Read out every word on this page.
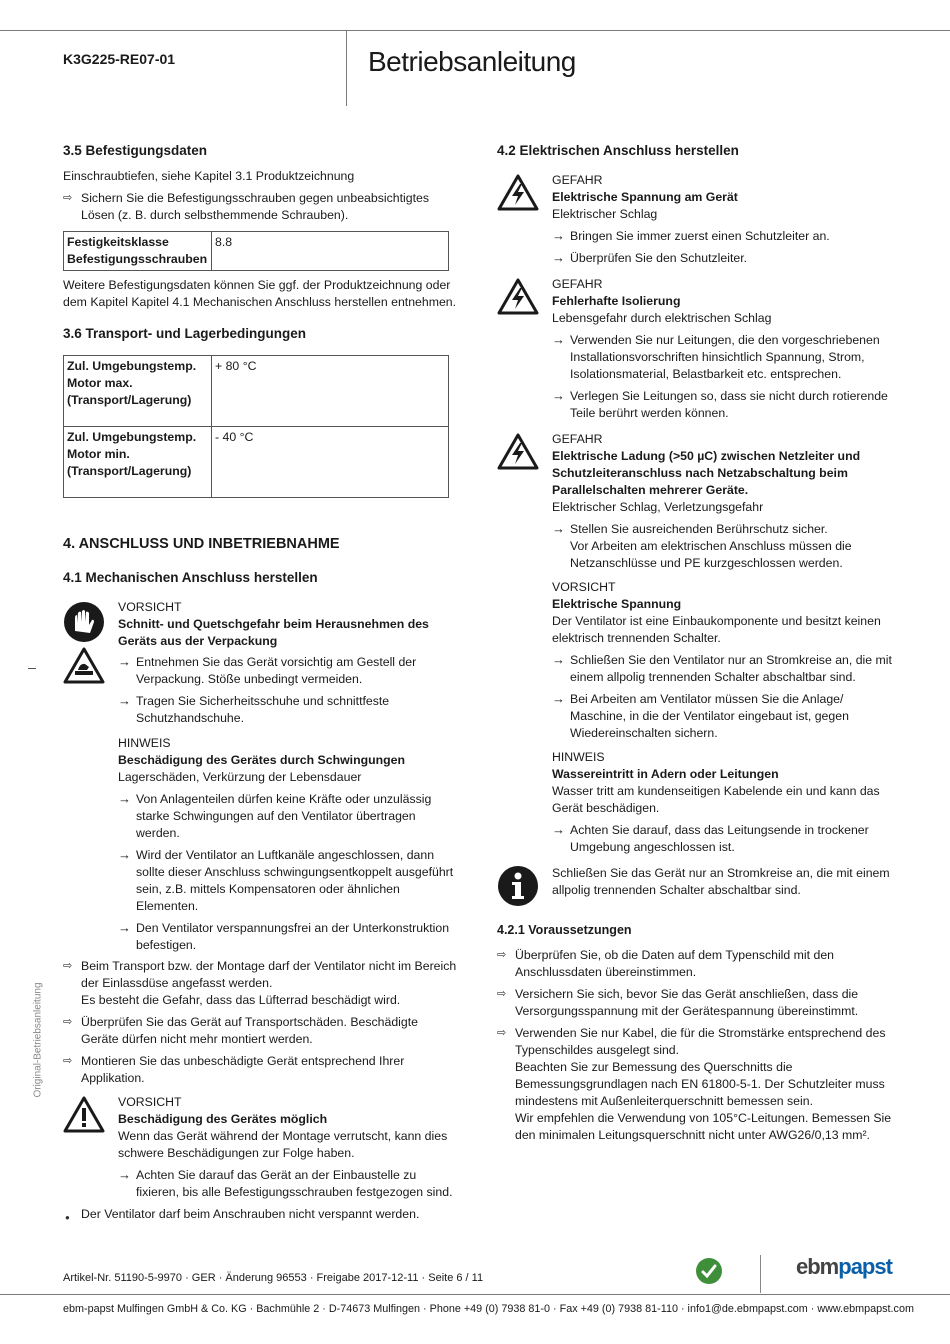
K3G225-RE07-01	Betriebsanleitung
Original-Betriebsanleitung
3.5 Befestigungsdaten

Einschraubtiefen, siehe Kapitel 3.1 Produktzeichnung

⇨ Sichern Sie die Befestigungsschrauben gegen unbeabsichtigtes Lösen (z. B. durch selbsthemmende Schrauben).
Festigkeitsklasse Befestigungsschrauben	8.8

Weitere Befestigungsdaten können Sie ggf. der Produktzeichnung oder dem Kapitel Kapitel 4.1 Mechanischen Anschluss herstellen entnehmen.

3.6 Transport- und Lagerbedingungen
Zul. Umgebungstemp. Motor max. (Transport/Lagerung)	+ 80 °C
Zul. Umgebungstemp. Motor min. (Transport/Lagerung)	- 40 °C
4. ANSCHLUSS UND INBETRIEBNAHME
4.1 Mechanischen Anschluss herstellen
VORSICHT
Schnitt- und Quetschgefahr beim Herausnehmen des Geräts aus der Verpackung
→ Entnehmen Sie das Gerät vorsichtig am Gestell der Verpackung. Stöße unbedingt vermeiden.
→ Tragen Sie Sicherheitsschuhe und schnittfeste Schutzhandschuhe.
HINWEIS
Beschädigung des Gerätes durch Schwingungen
Lagerschäden, Verkürzung der Lebensdauer
→ Von Anlagenteilen dürfen keine Kräfte oder unzulässig starke Schwingungen auf den Ventilator übertragen werden.
→ Wird der Ventilator an Luftkanäle angeschlossen, dann sollte dieser Anschluss schwingungsentkoppelt ausgeführt sein, z.B. mittels Kompensatoren oder ähnlichen Elementen.
→ Den Ventilator verspannungsfrei an der Unterkonstruktion befestigen.
⇨ Beim Transport bzw. der Montage darf der Ventilator nicht im Bereich der Einlassdüse angefasst werden.
Es besteht die Gefahr, dass das Lüfterrad beschädigt wird.
⇨ Überprüfen Sie das Gerät auf Transportschäden. Beschädigte Geräte dürfen nicht mehr montiert werden.
⇨ Montieren Sie das unbeschädigte Gerät entsprechend Ihrer Applikation.
VORSICHT
Beschädigung des Gerätes möglich
Wenn das Gerät während der Montage verrutscht, kann dies schwere Beschädigungen zur Folge haben.
→ Achten Sie darauf das Gerät an der Einbaustelle zu fixieren, bis alle Befestigungsschrauben festgezogen sind.
● Der Ventilator darf beim Anschrauben nicht verspannt werden.
4.2 Elektrischen Anschluss herstellen
GEFAHR
Elektrische Spannung am Gerät
Elektrischer Schlag
→ Bringen Sie immer zuerst einen Schutzleiter an.
→ Überprüfen Sie den Schutzleiter.
GEFAHR
Fehlerhafte Isolierung
Lebensgefahr durch elektrischen Schlag
→ Verwenden Sie nur Leitungen, die den vorgeschriebenen Installationsvorschriften hinsichtlich Spannung, Strom, Isolationsmaterial, Belastbarkeit etc. entsprechen.
→ Verlegen Sie Leitungen so, dass sie nicht durch rotierende Teile berührt werden können.
GEFAHR
Elektrische Ladung (>50 µC) zwischen Netzleiter und Schutzleiteranschluss nach Netzabschaltung beim Parallelschalten mehrerer Geräte.
Elektrischer Schlag, Verletzungsgefahr
→ Stellen Sie ausreichenden Berührschutz sicher.
Vor Arbeiten am elektrischen Anschluss müssen die Netzanschlüsse und PE kurzgeschlossen werden.
VORSICHT
Elektrische Spannung
Der Ventilator ist eine Einbaukomponente und besitzt keinen elektrisch trennenden Schalter.
→ Schließen Sie den Ventilator nur an Stromkreise an, die mit einem allpolig trennenden Schalter abschaltbar sind.
→ Bei Arbeiten am Ventilator müssen Sie die Anlage/ Maschine, in die der Ventilator eingebaut ist, gegen Wiedereinschalten sichern.
HINWEIS
Wassereintritt in Adern oder Leitungen
Wasser tritt am kundenseitigen Kabelende ein und kann das Gerät beschädigen.
→ Achten Sie darauf, dass das Leitungsende in trockener Umgebung angeschlossen ist.
Schließen Sie das Gerät nur an Stromkreise an, die mit einem allpolig trennenden Schalter abschaltbar sind.
4.2.1 Voraussetzungen
⇨ Überprüfen Sie, ob die Daten auf dem Typenschild mit den Anschlussdaten übereinstimmen.
⇨ Versichern Sie sich, bevor Sie das Gerät anschließen, dass die Versorgungsspannung mit der Gerätespannung übereinstimmt.
⇨ Verwenden Sie nur Kabel, die für die Stromstärke entsprechend des Typenschildes ausgelegt sind.
Beachten Sie zur Bemessung des Querschnitts die Bemessungsgrundlagen nach EN 61800-5-1. Der Schutzleiter muss mindestens mit Außenleiterquerschnitt bemessen sein.
Wir empfehlen die Verwendung von 105°C-Leitungen. Bemessen Sie den minimalen Leitungsquerschnitt nicht unter AWG26/0,13 mm².
Artikel-Nr. 51190-5-9970 · GER · Änderung 96553 · Freigabe 2017-12-11 · Seite 6 / 11	ebmpapst
ebm-papst Mulfingen GmbH & Co. KG · Bachmühle 2 · D-74673 Mulfingen · Phone +49 (0) 7938 81-0 · Fax +49 (0) 7938 81-110 · info1@de.ebmpapst.com · www.ebmpapst.com
